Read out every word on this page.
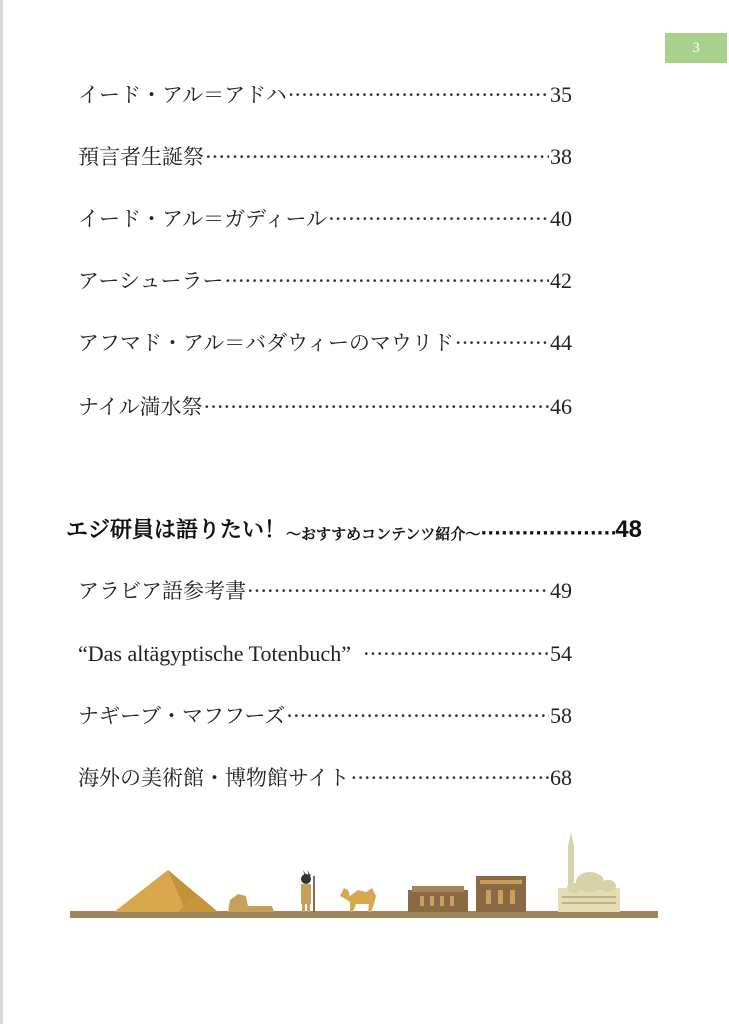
3
イード・アル＝アドハ ·····	35
預言者生誕祭 ·····	38
イード・アル＝ガディール ·····	40
アーシューラー ·····	42
アフマド・アル＝バダウィーのマウリド ·····	44
ナイル満水祭 ·····	46
アラビア語参考書 ·····	49
“Das altägyptische Totenbuch” ·····	54
ナギーブ・マフフーズ ·····	58
海外の美術館・博物館サイト ·····	68
エジ研員は語りたい！ ～おすすめコンテンツ紹介～ ·····	48
